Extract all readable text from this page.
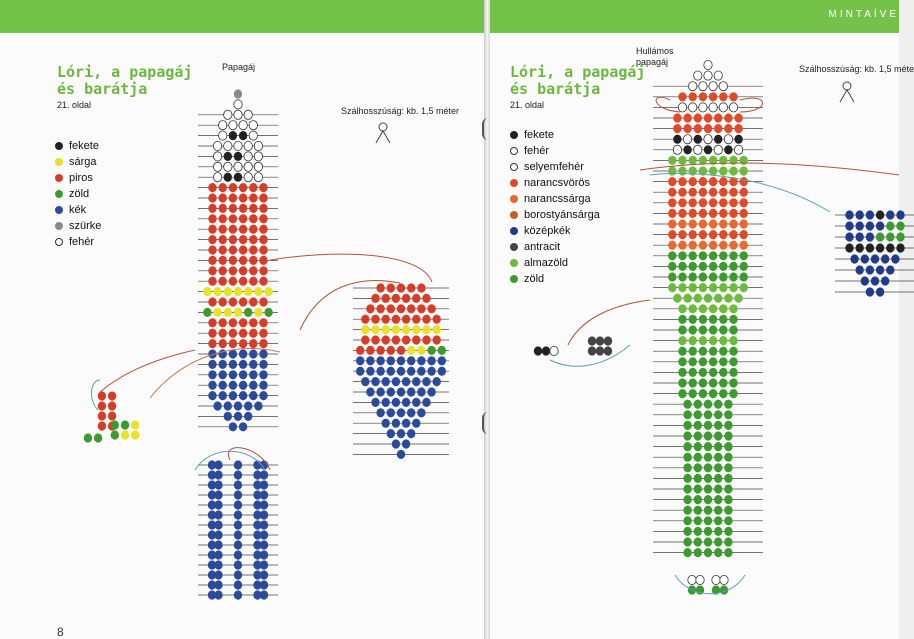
Lóri, a papagáj
és barátja
21. oldal
Papagáj
Szálhosszúság: kb. 1,5 méter
fekete
sárga
piros
zöld
kék
szürke
fehér
8
MINTAÍVE
Lóri, a papagáj
és barátja
21. oldal
Hullámos
papagáj
Szálhosszúság: kb. 1,5 méte
fekete
fehér
selyemfehér
narancsvörös
narancssárga
borostyánsárga
középkék
antracit
almazöld
zöld
